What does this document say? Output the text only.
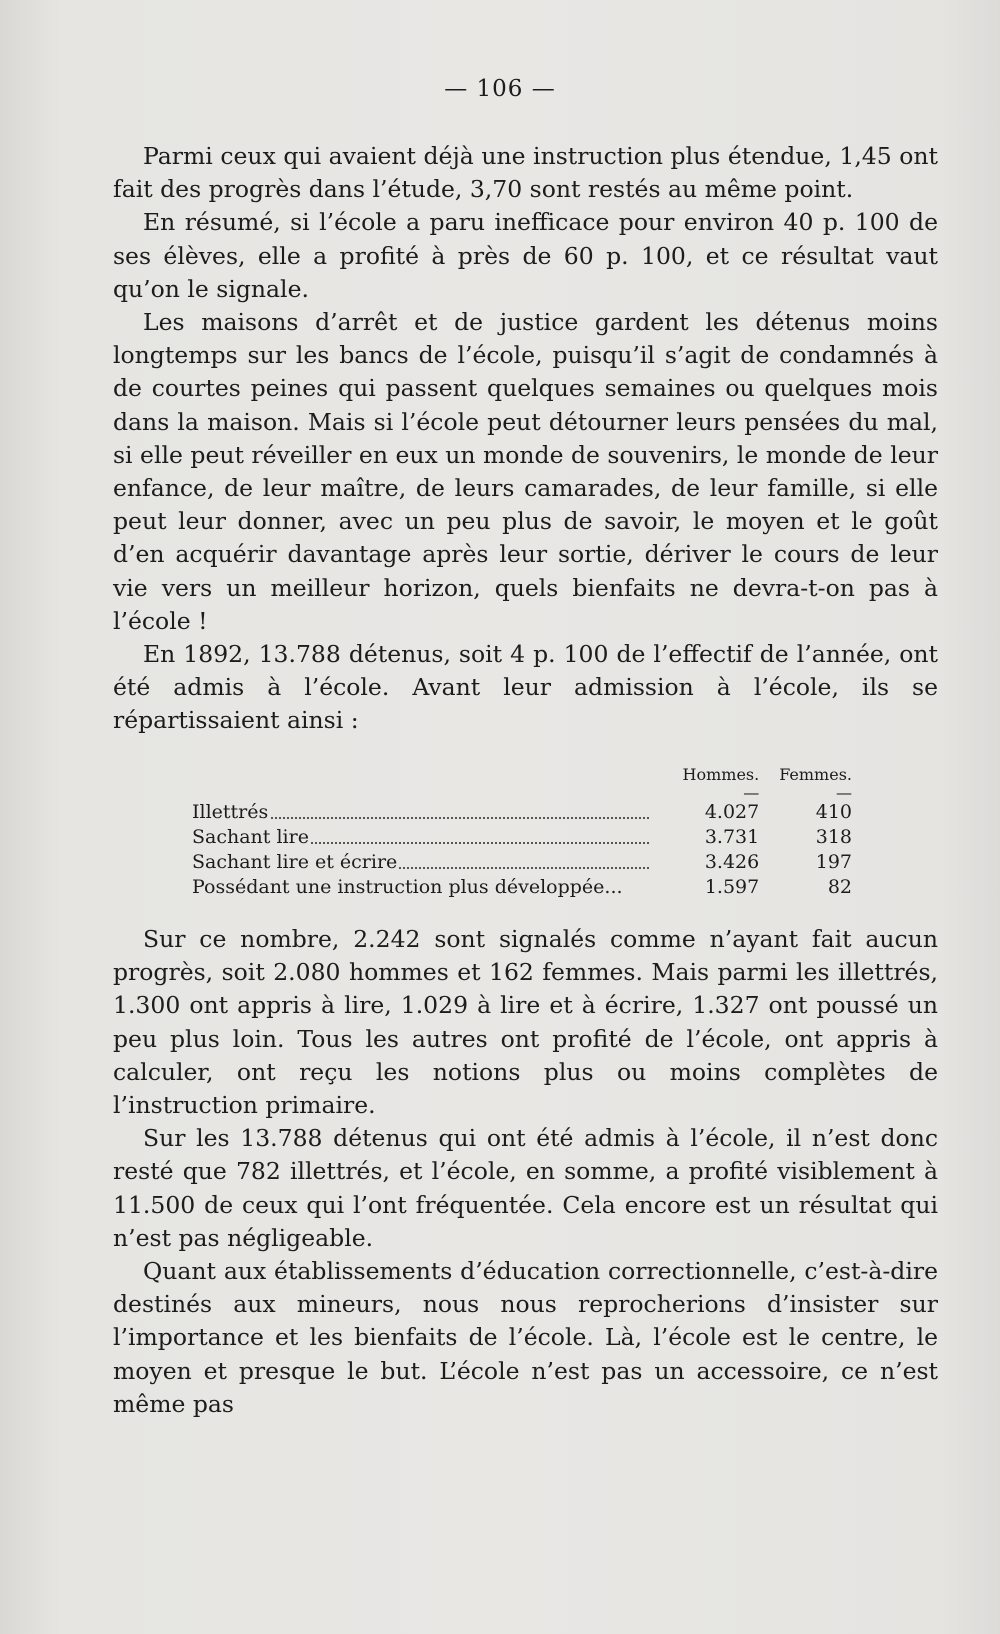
— 106 —

Parmi ceux qui avaient déjà une instruction plus étendue, 1,45 ont fait des progrès dans l’étude, 3,70 sont restés au même point.

En résumé, si l’école a paru inefficace pour environ 40 p. 100 de ses élèves, elle a profité à près de 60 p. 100, et ce résultat vaut qu’on le signale.

Les maisons d’arrêt et de justice gardent les détenus moins longtemps sur les bancs de l’école, puisqu’il s’agit de condamnés à de courtes peines qui passent quelques semaines ou quelques mois dans la maison. Mais si l’école peut détourner leurs pensées du mal, si elle peut réveiller en eux un monde de souvenirs, le monde de leur enfance, de leur maître, de leurs camarades, de leur famille, si elle peut leur donner, avec un peu plus de savoir, le moyen et le goût d’en acquérir davantage après leur sortie, dériver le cours de leur vie vers un meilleur horizon, quels bienfaits ne devra-t-on pas à l’école !

En 1892, 13.788 détenus, soit 4 p. 100 de l’effectif de l’année, ont été admis à l’école. Avant leur admission à l’école, ils se répartissaient ainsi :

	Hommes.	Femmes.
	—	—
Illettrés	4.027	410
Sachant lire	3.731	318
Sachant lire et écrire	3.426	197
Possédant une instruction plus développée...	1.597	82

Sur ce nombre, 2.242 sont signalés comme n’ayant fait aucun progrès, soit 2.080 hommes et 162 femmes. Mais parmi les illettrés, 1.300 ont appris à lire, 1.029 à lire et à écrire, 1.327 ont poussé un peu plus loin. Tous les autres ont profité de l’école, ont appris à calculer, ont reçu les notions plus ou moins complètes de l’instruction primaire.

Sur les 13.788 détenus qui ont été admis à l’école, il n’est donc resté que 782 illettrés, et l’école, en somme, a profité visiblement à 11.500 de ceux qui l’ont fréquentée. Cela encore est un résultat qui n’est pas négligeable.

Quant aux établissements d’éducation correctionnelle, c’est-à-dire destinés aux mineurs, nous nous reprocherions d’insister sur l’importance et les bienfaits de l’école. Là, l’école est le centre, le moyen et presque le but. L’école n’est pas un accessoire, ce n’est même pas
